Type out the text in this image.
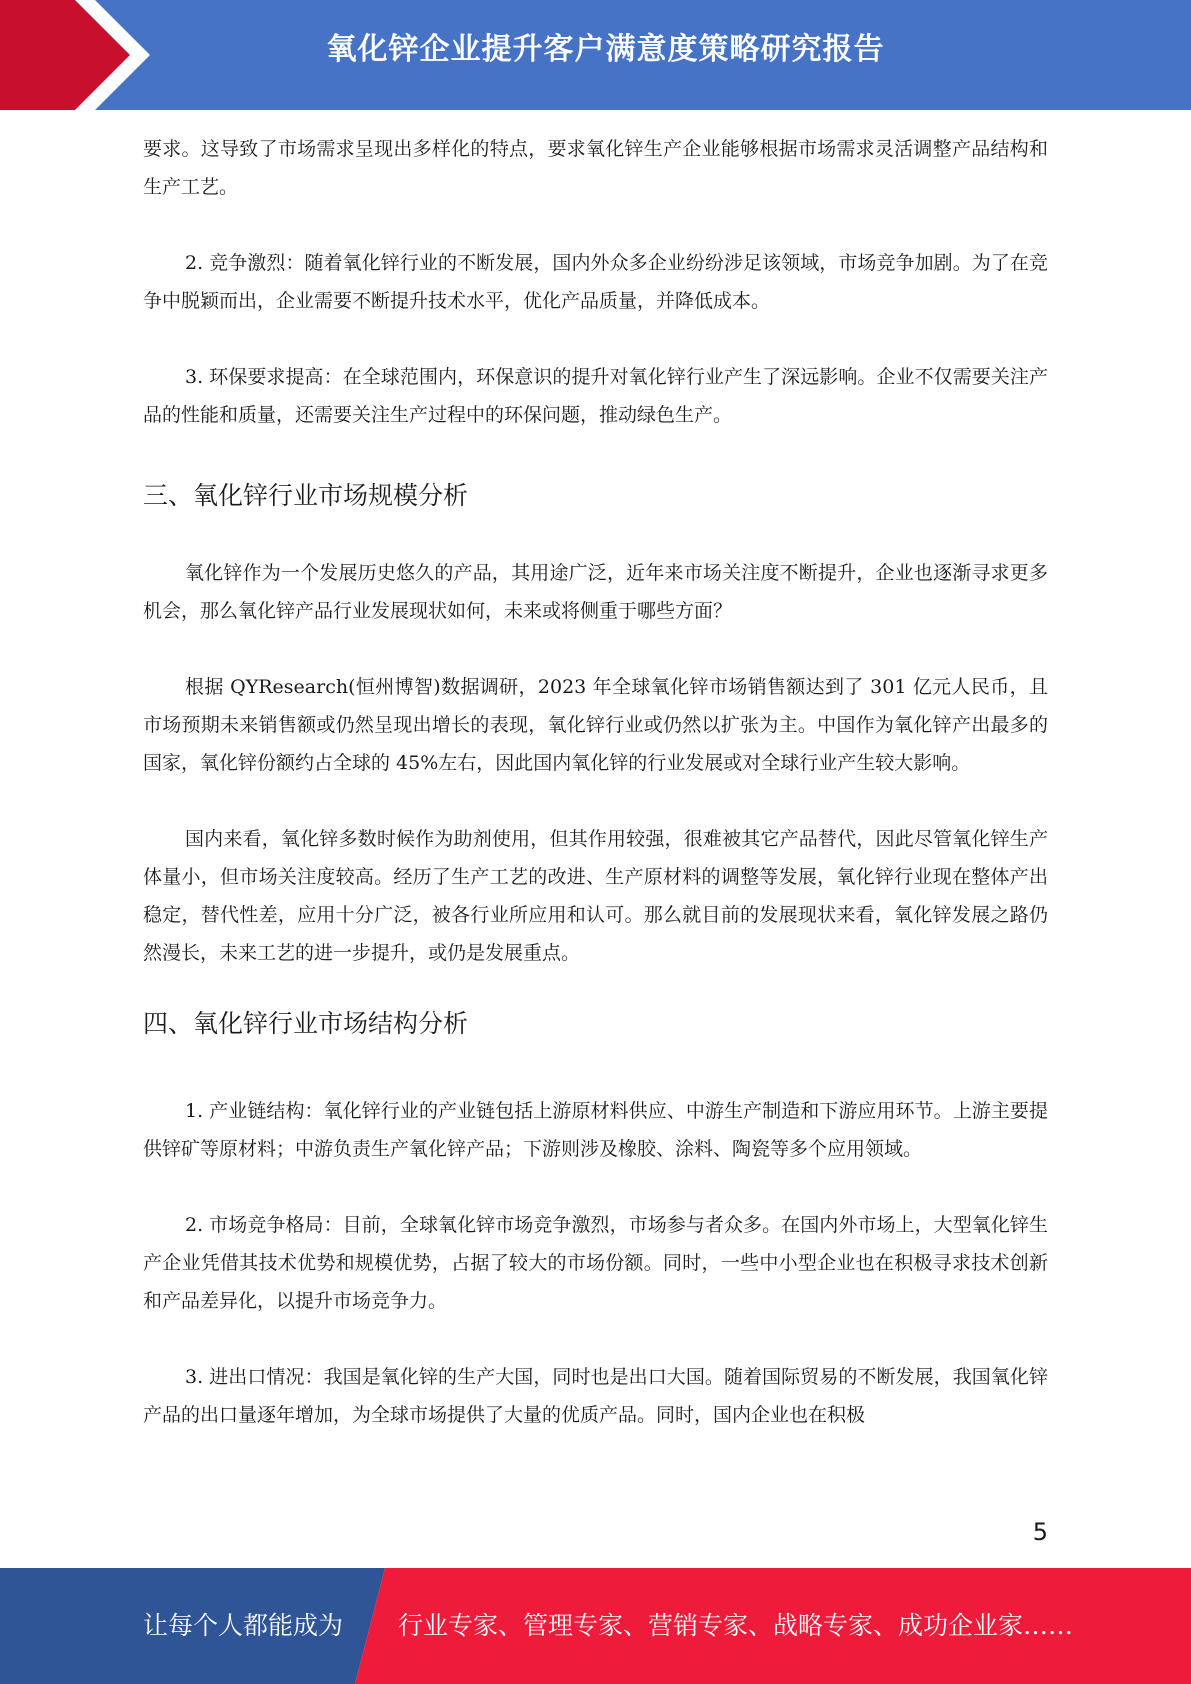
氧化锌企业提升客户满意度策略研究报告

要求。这导致了市场需求呈现出多样化的特点，要求氧化锌生产企业能够根据市场需求灵活调整产品结构和生产工艺。

2. 竞争激烈：随着氧化锌行业的不断发展，国内外众多企业纷纷涉足该领域，市场竞争加剧。为了在竞争中脱颖而出，企业需要不断提升技术水平，优化产品质量，并降低成本。

3. 环保要求提高：在全球范围内，环保意识的提升对氧化锌行业产生了深远影响。企业不仅需要关注产品的性能和质量，还需要关注生产过程中的环保问题，推动绿色生产。

三、氧化锌行业市场规模分析

氧化锌作为一个发展历史悠久的产品，其用途广泛，近年来市场关注度不断提升，企业也逐渐寻求更多机会，那么氧化锌产品行业发展现状如何，未来或将侧重于哪些方面？

根据 QYResearch(恒州博智)数据调研，2023 年全球氧化锌市场销售额达到了 301 亿元人民币，且市场预期未来销售额或仍然呈现出增长的表现，氧化锌行业或仍然以扩张为主。中国作为氧化锌产出最多的国家，氧化锌份额约占全球的 45%左右，因此国内氧化锌的行业发展或对全球行业产生较大影响。

国内来看，氧化锌多数时候作为助剂使用，但其作用较强，很难被其它产品替代，因此尽管氧化锌生产体量小，但市场关注度较高。经历了生产工艺的改进、生产原材料的调整等发展，氧化锌行业现在整体产出稳定，替代性差，应用十分广泛，被各行业所应用和认可。那么就目前的发展现状来看，氧化锌发展之路仍然漫长，未来工艺的进一步提升，或仍是发展重点。

四、氧化锌行业市场结构分析

1. 产业链结构：氧化锌行业的产业链包括上游原材料供应、中游生产制造和下游应用环节。上游主要提供锌矿等原材料；中游负责生产氧化锌产品；下游则涉及橡胶、涂料、陶瓷等多个应用领域。

2. 市场竞争格局：目前，全球氧化锌市场竞争激烈，市场参与者众多。在国内外市场上，大型氧化锌生产企业凭借其技术优势和规模优势，占据了较大的市场份额。同时，一些中小型企业也在积极寻求技术创新和产品差异化，以提升市场竞争力。

3. 进出口情况：我国是氧化锌的生产大国，同时也是出口大国。随着国际贸易的不断发展，我国氧化锌产品的出口量逐年增加，为全球市场提供了大量的优质产品。同时，国内企业也在积极

5
让每个人都能成为 行业专家、管理专家、营销专家、战略专家、成功企业家……
